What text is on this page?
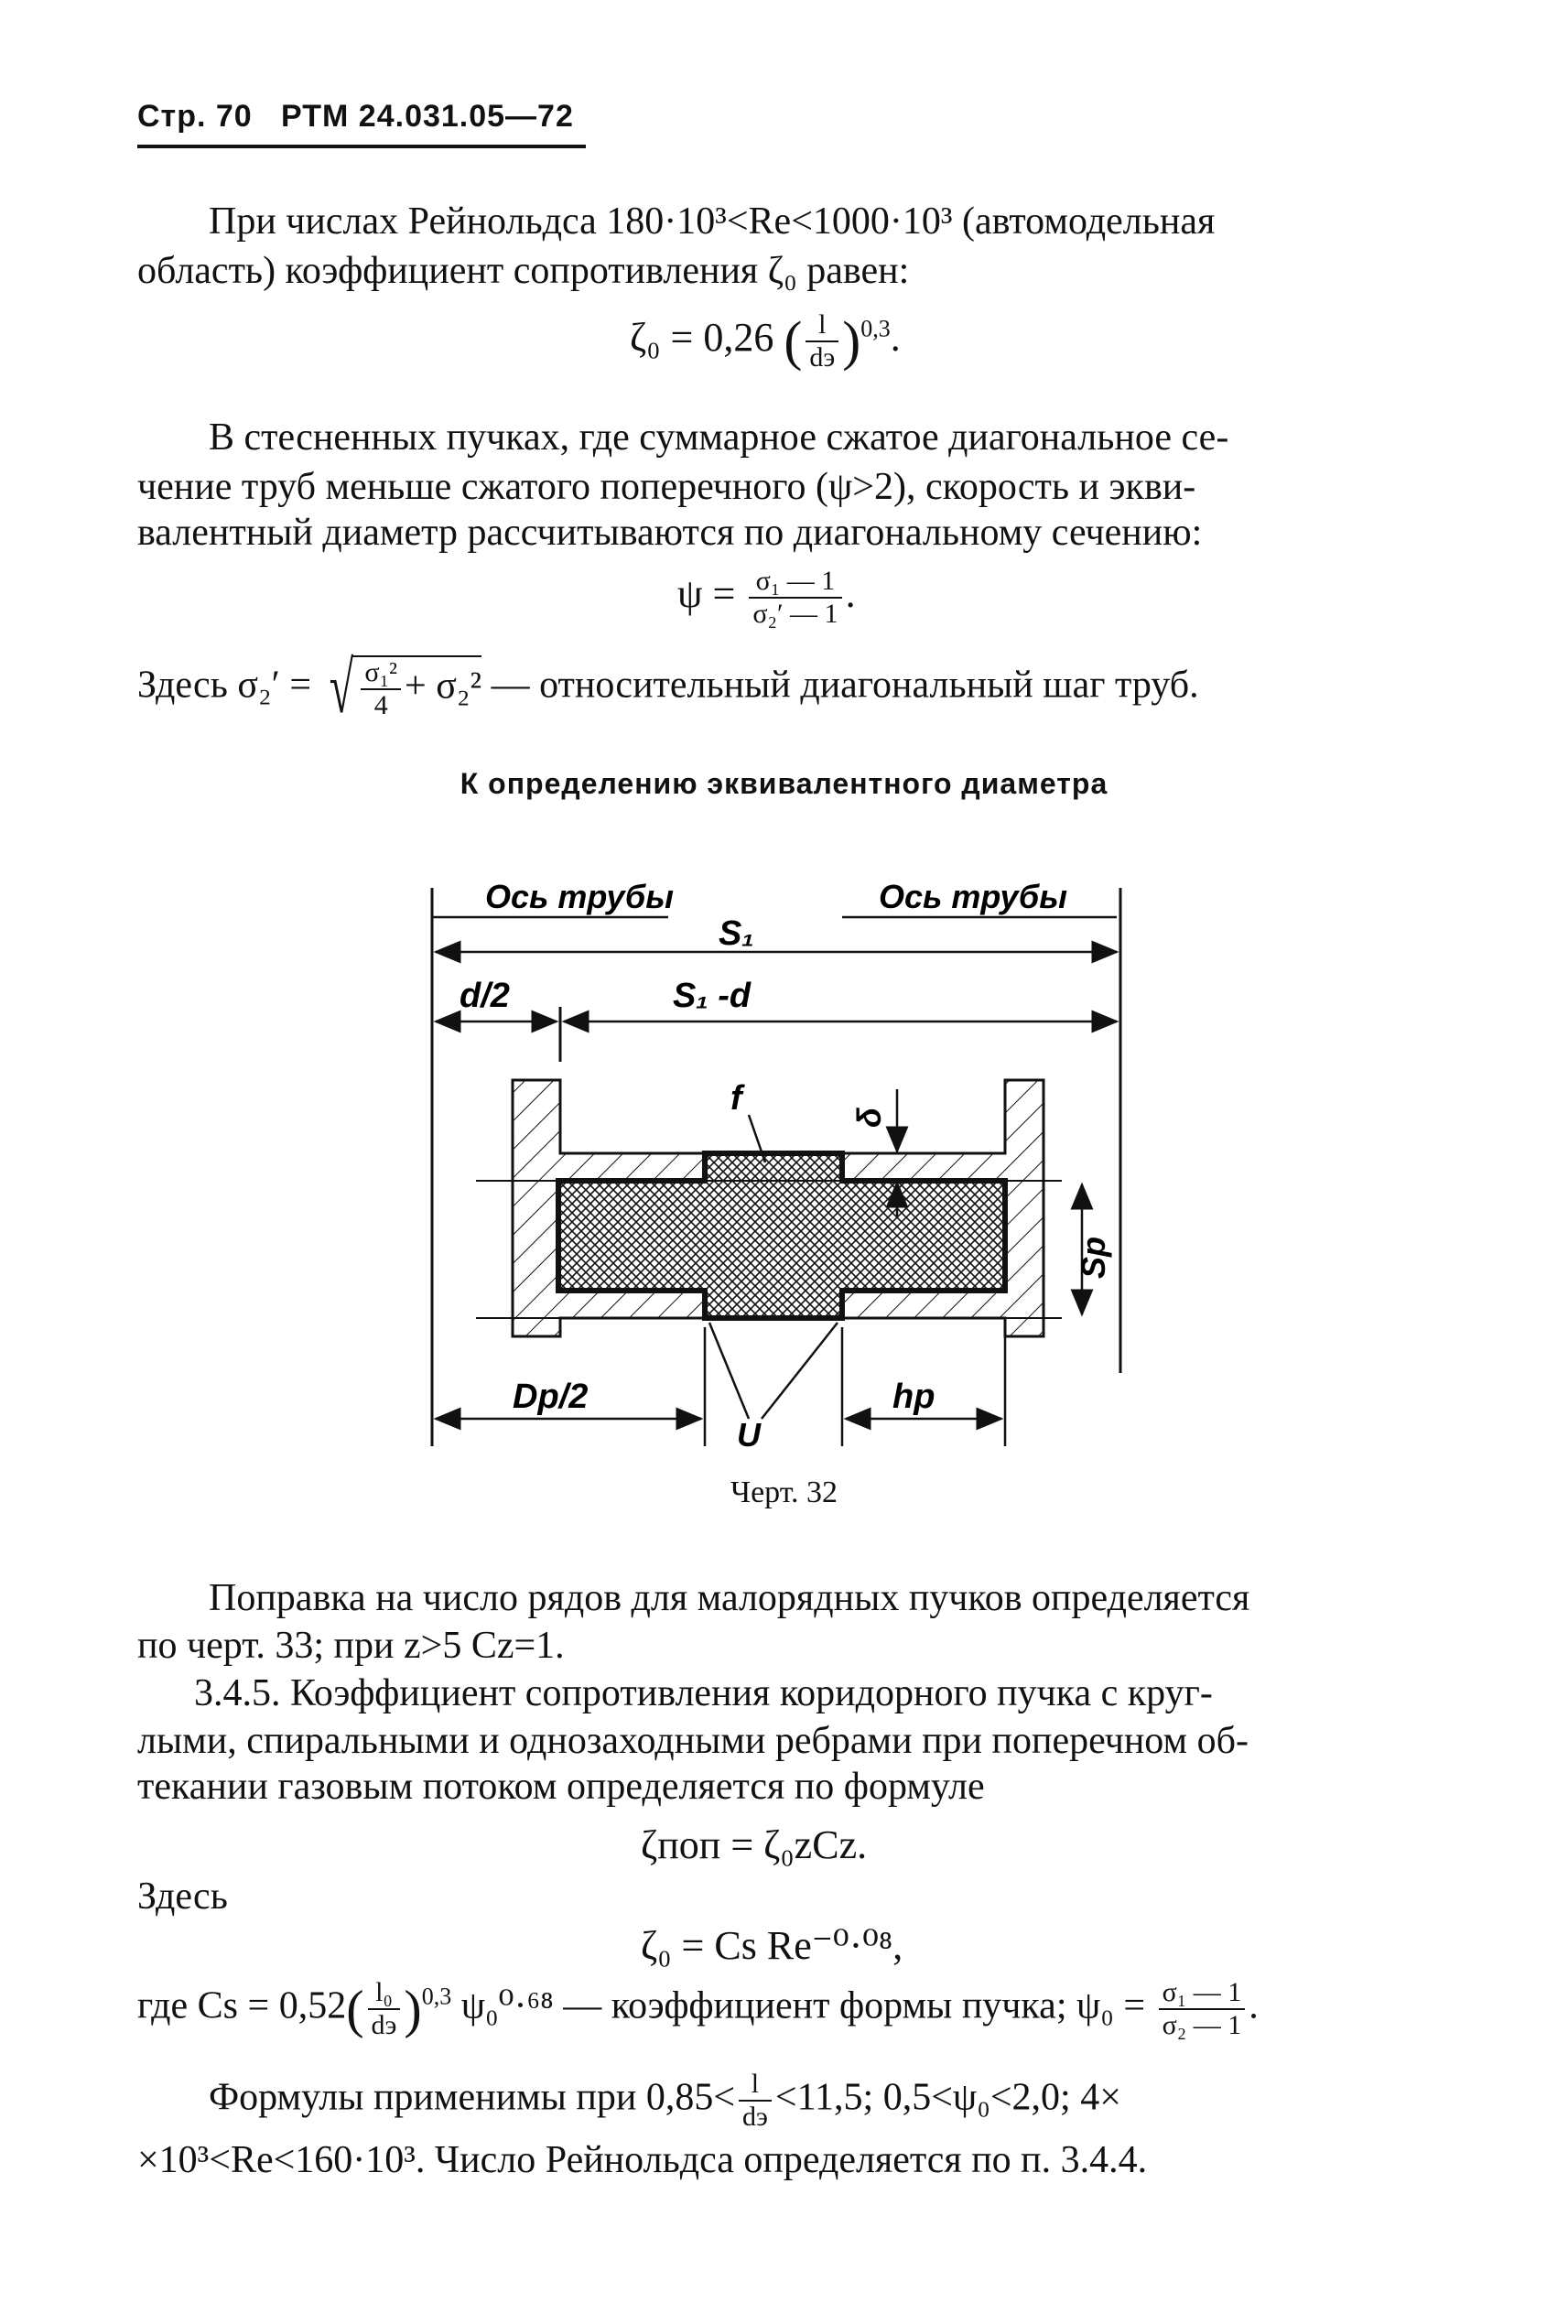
Стр. 70 РТМ 24.031.05—72
При числах Рейнольдса 180·10³<Re<1000·10³ (автомодельная
область) коэффициент сопротивления ζ₀ равен:
ζ₀ = 0,26 ( $\frac{l}{dэ} )^{0,3}$.
В стесненных пучках, где суммарное сжатое диагональное се-
чение труб меньше сжатого поперечного (ψ>2), скорость и экви-
валентный диаметр рассчитываются по диагональному сечению:
$\psi = \frac{\text{σ₁ — 1}}{\text{σ₂′ — 1}}$ .
Здесь σ₂′ = √ $\frac{\text{σ₁²}}{4} + \sigma_2^2$ — относительный диагональный шаг труб.
К определению эквивалентного диаметра
Ось трубы	Ось трубы
S₁
d/2	S₁ -d
f
δ
Sp
U
Dp/2	hp
Черт. 32
Поправка на число рядов для малорядных пучков определяется
по черт. 33; при z>5 Cz=1.
3.4.5. Коэффициент сопротивления коридорного пучка с круг-
лыми, спиральными и однозаходными ребрами при поперечном об-
текании газовым потоком определяется по формуле
ζпоп = ζ₀zCz.
Здесь
ζ₀ = Cs Re⁻⁰·⁰⁸,
где $Cs = 0,52( \frac{\text{l₀}}{dэ} )^{0,3}$ ψ₀⁰·⁶⁸ — коэффициент формы пучка; $\psi_0 = \frac{\text{σ₁ — 1}}{\text{σ₂ — 1}}$ .
Формулы применимы при $0,85< \frac{l}{dэ} <11,5$; 0,5<ψ₀<2,0; 4×
×10³<Re<160·10³. Число Рейнольдса определяется по п. 3.4.4.
